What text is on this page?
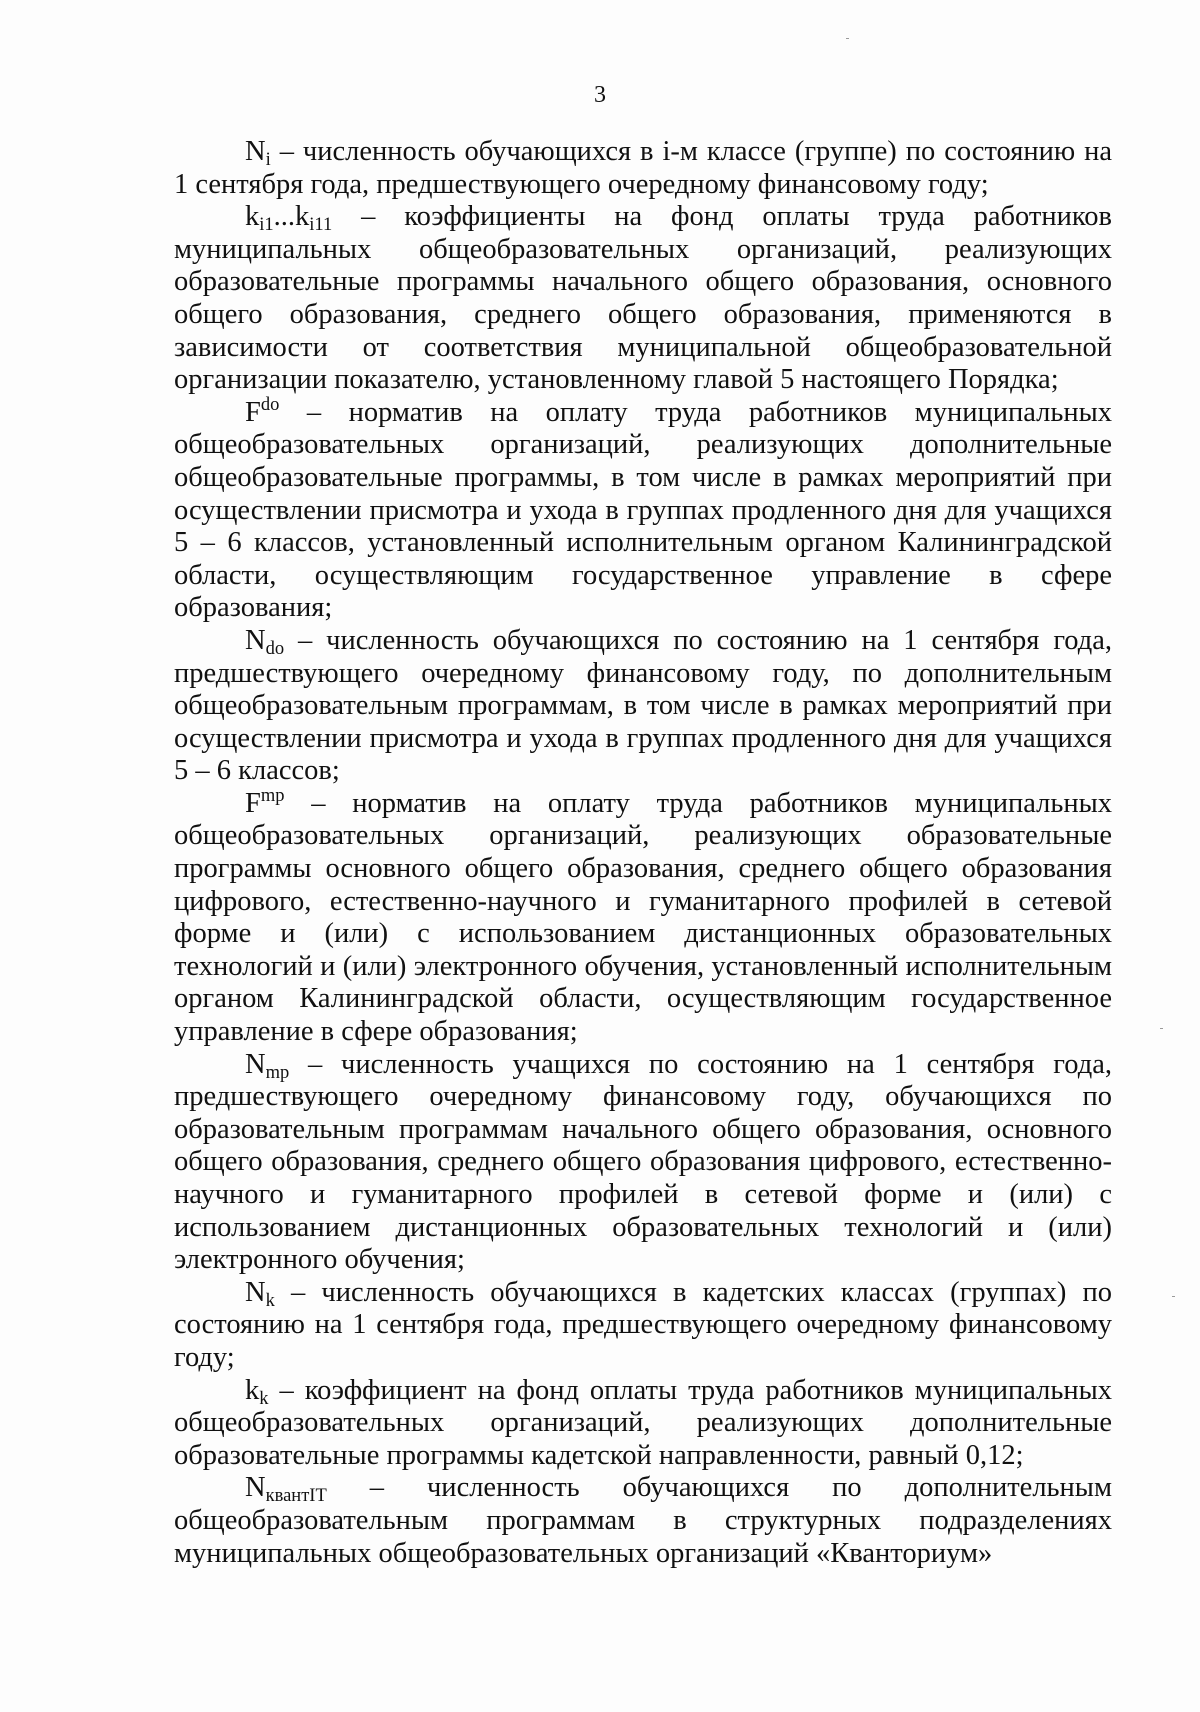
3

$N_i$ – численность обучающихся в i-м классе (группе) по состоянию на 1 сентября года, предшествующего очередному финансовому году;

$k_{i1}...k_{i11}$ – коэффициенты на фонд оплаты труда работников муниципальных общеобразовательных организаций, реализующих образовательные программы начального общего образования, основного общего образования, среднего общего образования, применяются в зависимости от соответствия муниципальной общеобразовательной организации показателю, установленному главой 5 настоящего Порядка;

$F^{do}$ – норматив на оплату труда работников муниципальных общеобразовательных организаций, реализующих дополнительные общеобразовательные программы, в том числе в рамках мероприятий при осуществлении присмотра и ухода в группах продленного дня для учащихся 5 – 6 классов, установленный исполнительным органом Калининградской области, осуществляющим государственное управление в сфере образования;

$N_{do}$ – численность обучающихся по состоянию на 1 сентября года, предшествующего очередному финансовому году, по дополнительным общеобразовательным программам, в том числе в рамках мероприятий при осуществлении присмотра и ухода в группах продленного дня для учащихся 5 – 6 классов;

$F^{mp}$ – норматив на оплату труда работников муниципальных общеобразовательных организаций, реализующих образовательные программы основного общего образования, среднего общего образования цифрового, естественно-научного и гуманитарного профилей в сетевой форме и (или) с использованием дистанционных образовательных технологий и (или) электронного обучения, установленный исполнительным органом Калининградской области, осуществляющим государственное управление в сфере образования;

$N_{mp}$ – численность учащихся по состоянию на 1 сентября года, предшествующего очередному финансовому году, обучающихся по образовательным программам начального общего образования, основного общего образования, среднего общего образования цифрового, естественно-научного и гуманитарного профилей в сетевой форме и (или) с использованием дистанционных образовательных технологий и (или) электронного обучения;

$N_k$ – численность обучающихся в кадетских классах (группах) по состоянию на 1 сентября года, предшествующего очередному финансовому году;

$k_k$ – коэффициент на фонд оплаты труда работников муниципальных общеобразовательных организаций, реализующих дополнительные образовательные программы кадетской направленности, равный 0,12;

$N_{квантIT}$ – численность обучающихся по дополнительным общеобразовательным программам в структурных подразделениях муниципальных общеобразовательных организаций «Кванториум»
